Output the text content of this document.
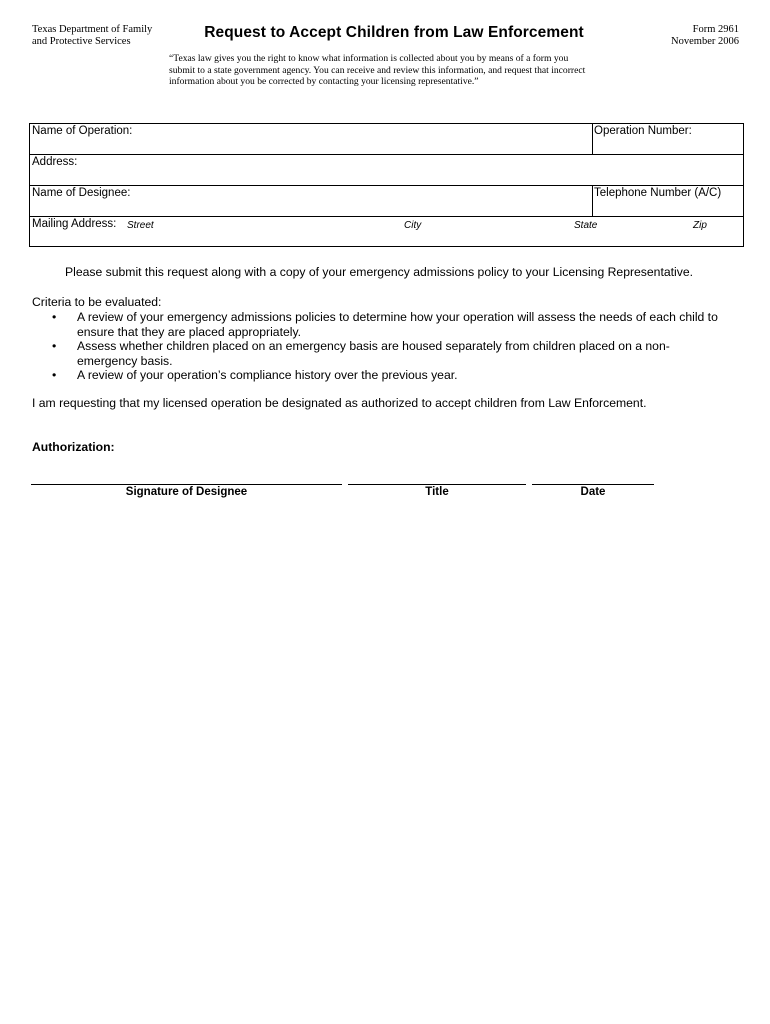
Texas Department of Family
and Protective Services
Request to Accept Children from Law Enforcement	Form 2961
November 2006
“Texas law gives you the right to know what information is collected about you by means of a form you
submit to a state government agency. You can receive and review this information, and request that incorrect
information about you be corrected by contacting your licensing representative.”
Name of Operation:	Operation Number:
Address:
Name of Designee:	Telephone Number (A/C)
Mailing Address: Street	City	State	Zip
Please submit this request along with a copy of your emergency admissions policy to your Licensing Representative.
Criteria to be evaluated:
• A review of your emergency admissions policies to determine how your operation will assess the needs of each child to
ensure that they are placed appropriately.
• Assess whether children placed on an emergency basis are housed separately from children placed on a non-
emergency basis.
• A review of your operation’s compliance history over the previous year.
I am requesting that my licensed operation be designated as authorized to accept children from Law Enforcement.
Authorization:
Signature of Designee	Title	Date
